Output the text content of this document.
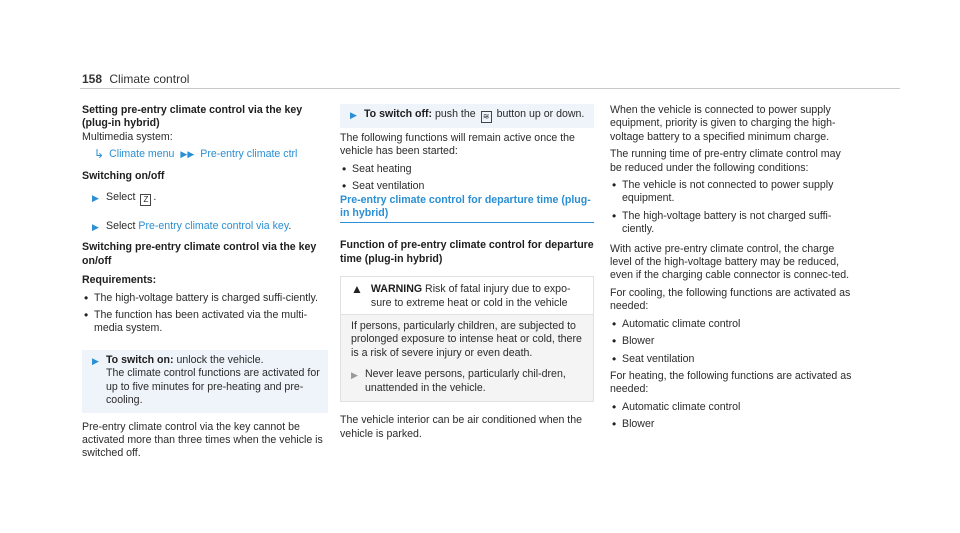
158 Climate control

Setting pre-entry climate control via the key (plug-in hybrid)

Multimedia system:

↳ Climate menu ▶▶ Pre-entry climate ctrl

Switching on/off

▶ Select Z .
▶ Select Pre-entry climate control via key.

Switching pre-entry climate control via the key on/off

Requirements:

• The high-voltage battery is charged suffi-ciently.
• The function has been activated via the multi-media system.
▶ To switch on: unlock the vehicle.

The climate control functions are activated for up to five minutes for pre-heating and pre-cooling.

Pre-entry climate control via the key cannot be activated more than three times when the vehicle is switched off.

▶ To switch off: push the ≋ button up or down.

The following functions will remain active once the vehicle has been started:

• Seat heating
• Seat ventilation

Pre-entry climate control for departure time (plug-in hybrid)

Function of pre-entry climate control for departure time (plug-in hybrid)

▲ WARNING Risk of fatal injury due to expo-sure to extreme heat or cold in the vehicle

If persons, particularly children, are subjected to prolonged exposure to intense heat or cold, there is a risk of severe injury or even death.

▶ Never leave persons, particularly chil-dren, unattended in the vehicle.

The vehicle interior can be air conditioned when the vehicle is parked.

When the vehicle is connected to power supply equipment, priority is given to charging the high-voltage battery to a specified minimum charge.

The running time of pre-entry climate control may be reduced under the following conditions:

• The vehicle is not connected to power supply equipment.
• The high-voltage battery is not charged suffi-ciently.

With active pre-entry climate control, the charge level of the high-voltage battery may be reduced, even if the charging cable connector is connec-ted.

For cooling, the following functions are activated as needed:

• Automatic climate control
• Blower
• Seat ventilation

For heating, the following functions are activated as needed:

• Automatic climate control
• Blower
